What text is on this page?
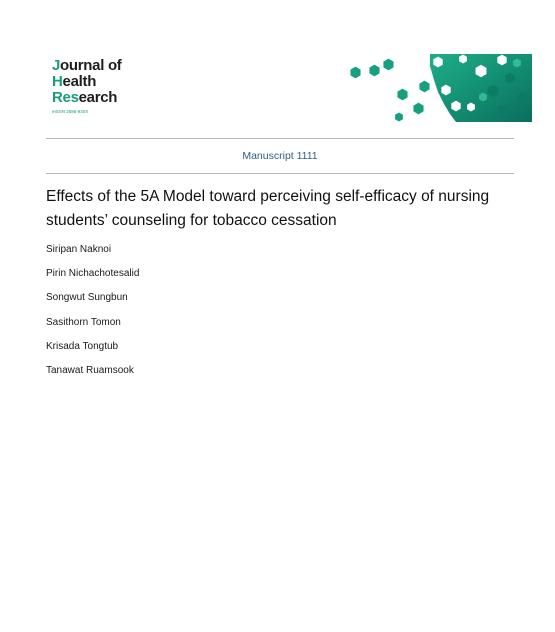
Journal of
Health
Research
eISSN 2586-940X
Manuscript 1111
Effects of the 5A Model toward perceiving self-efficacy of nursing students’ counseling for tobacco cessation
Siripan Naknoi
Pirin Nichachotesalid
Songwut Sungbun
Sasithorn Tomon
Krisada Tongtub
Tanawat Ruamsook
